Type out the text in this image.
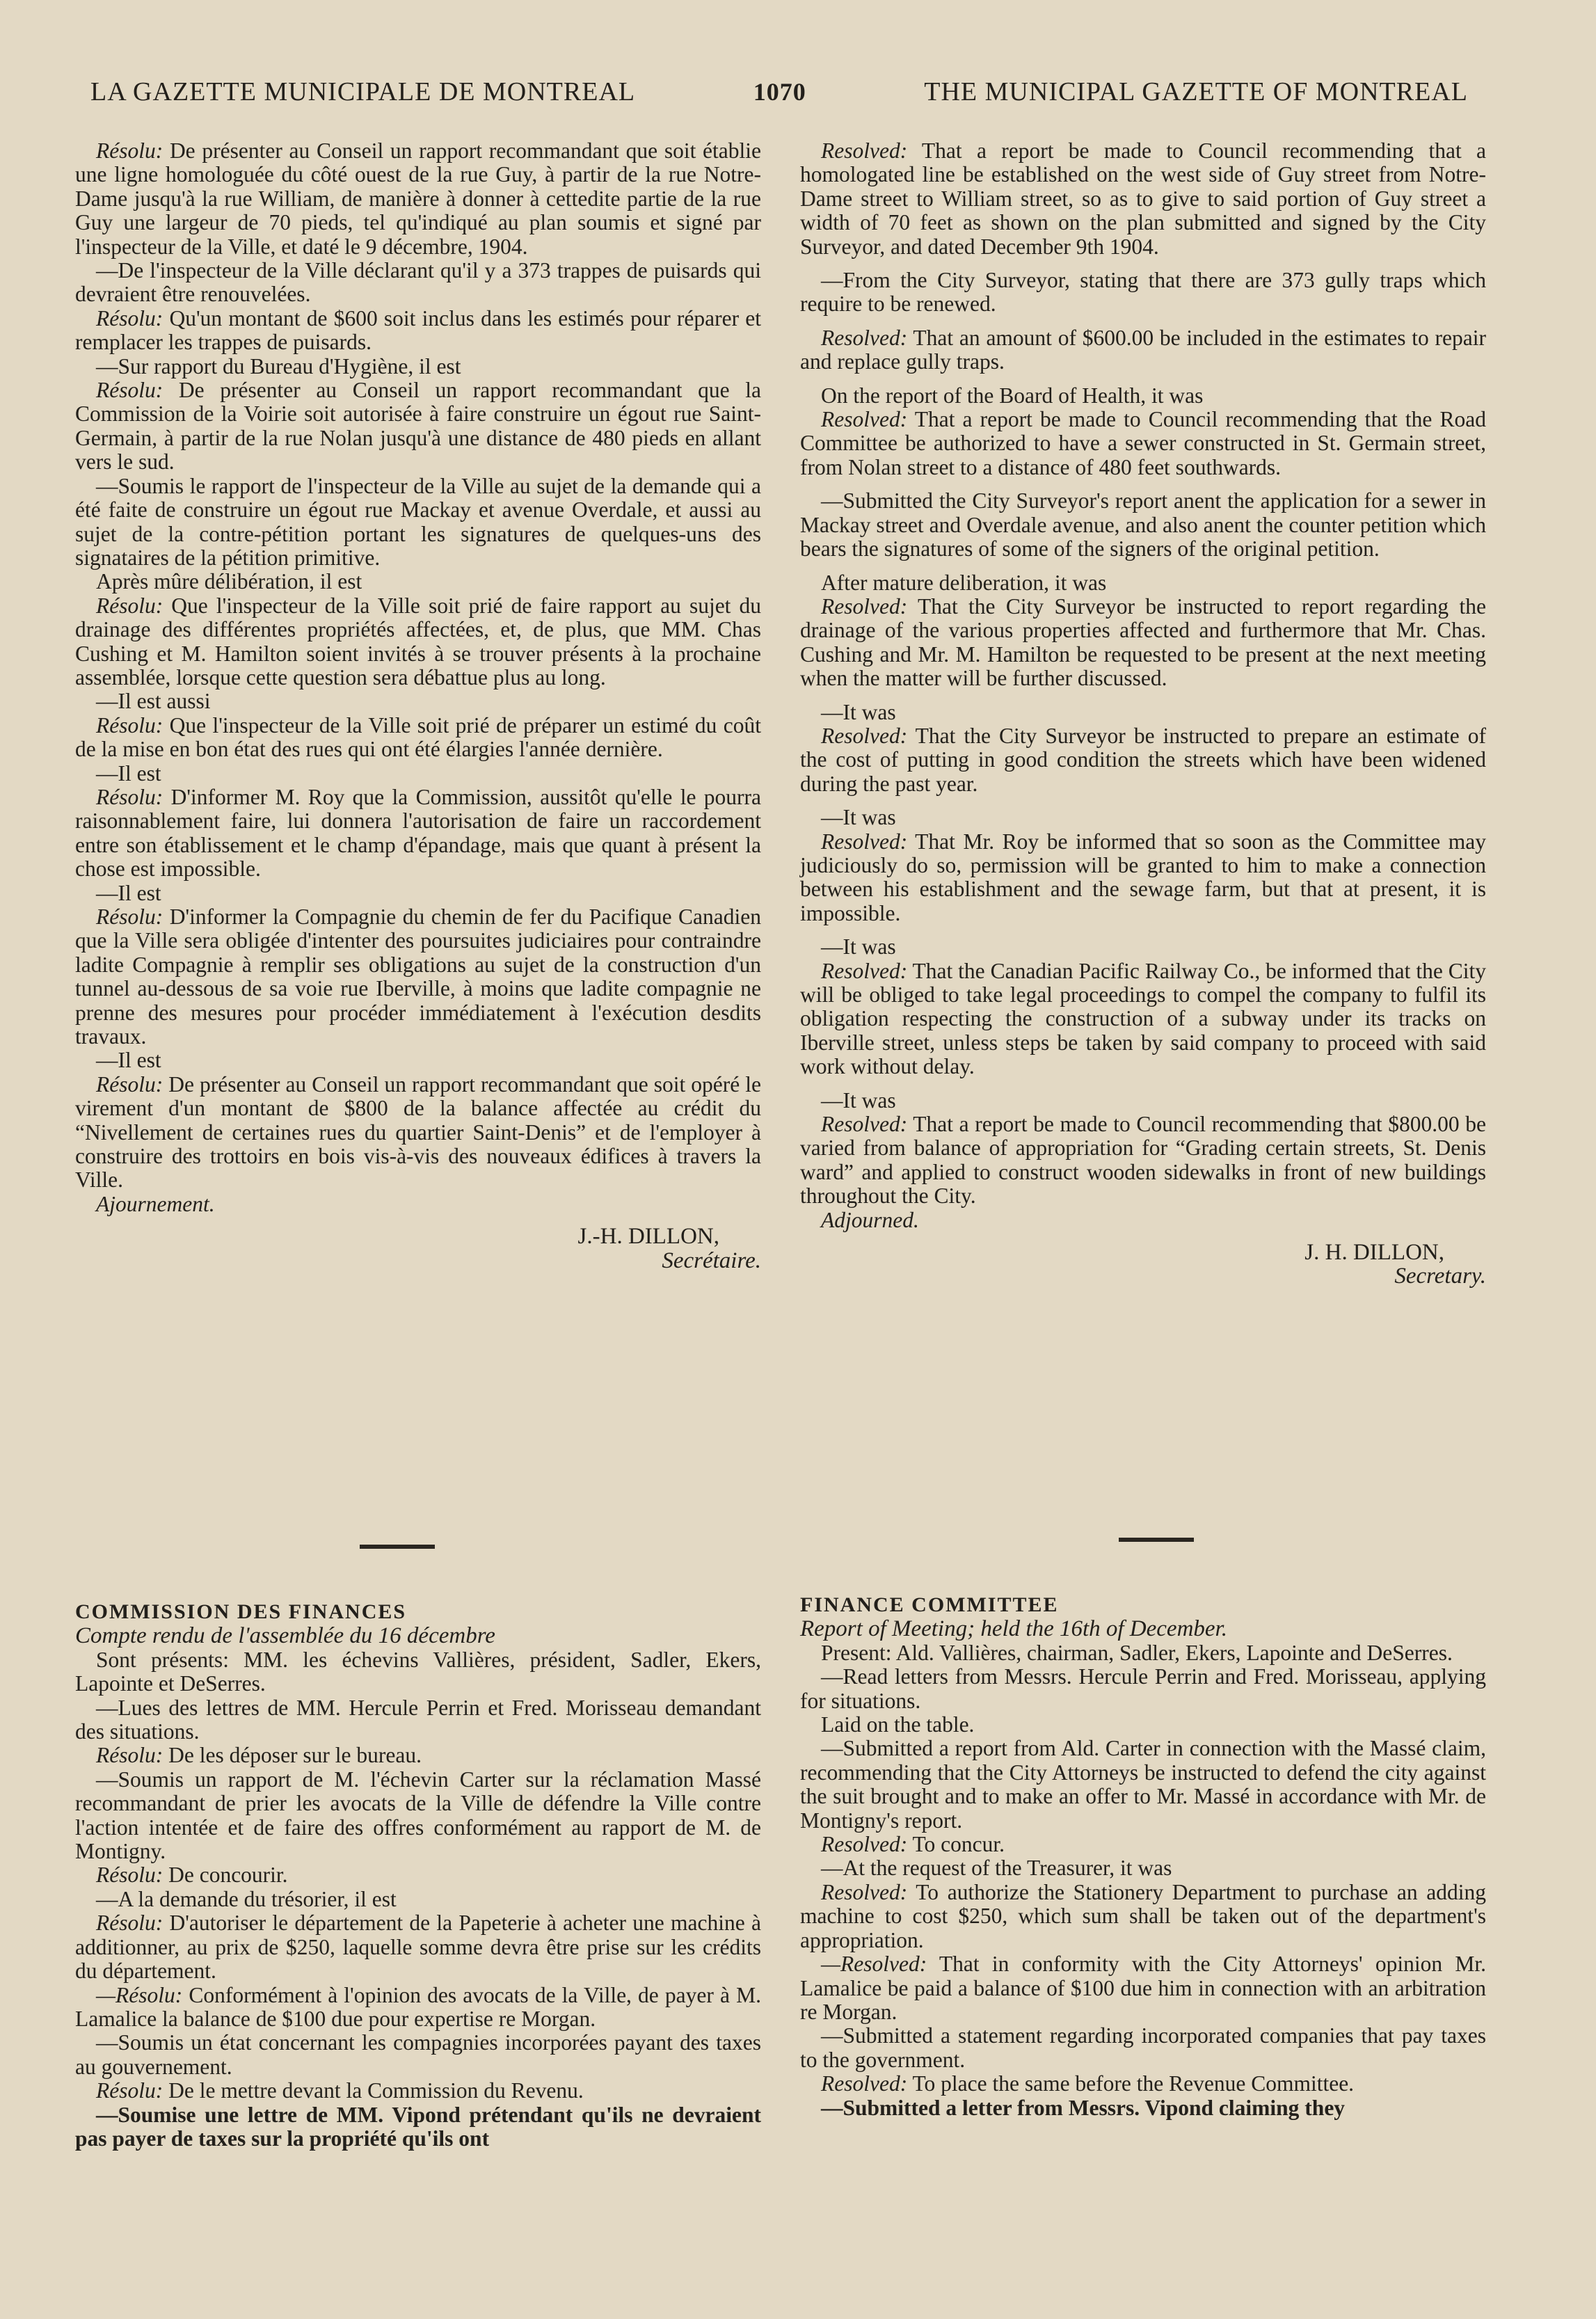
LA GAZETTE MUNICIPALE DE MONTREAL	1070	THE MUNICIPAL GAZETTE OF MONTREAL

Résolu: De présenter au Conseil un rapport recommandant que soit établie une ligne homologuée du côté ouest de la rue Guy, à partir de la rue Notre-Dame jusqu'à la rue William, de manière à donner à cettedite partie de la rue Guy une largeur de 70 pieds, tel qu'indiqué au plan soumis et signé par l'inspecteur de la Ville, et daté le 9 décembre, 1904.

—De l'inspecteur de la Ville déclarant qu'il y a 373 trappes de puisards qui devraient être renouvelées.

Résolu: Qu'un montant de $600 soit inclus dans les estimés pour réparer et remplacer les trappes de puisards.

—Sur rapport du Bureau d'Hygiène, il est

Résolu: De présenter au Conseil un rapport recommandant que la Commission de la Voirie soit autorisée à faire construire un égout rue Saint-Germain, à partir de la rue Nolan jusqu'à une distance de 480 pieds en allant vers le sud.

—Soumis le rapport de l'inspecteur de la Ville au sujet de la demande qui a été faite de construire un égout rue Mackay et avenue Overdale, et aussi au sujet de la contre-pétition portant les signatures de quelques-uns des signataires de la pétition primitive.

Après mûre délibération, il est

Résolu: Que l'inspecteur de la Ville soit prié de faire rapport au sujet du drainage des différentes propriétés affectées, et, de plus, que MM. Chas Cushing et M. Hamilton soient invités à se trouver présents à la prochaine assemblée, lorsque cette question sera débattue plus au long.

—Il est aussi

Résolu: Que l'inspecteur de la Ville soit prié de préparer un estimé du coût de la mise en bon état des rues qui ont été élargies l'année dernière.

—Il est

Résolu: D'informer M. Roy que la Commission, aussitôt qu'elle le pourra raisonnablement faire, lui donnera l'autorisation de faire un raccordement entre son établissement et le champ d'épandage, mais que quant à présent la chose est impossible.

—Il est

Résolu: D'informer la Compagnie du chemin de fer du Pacifique Canadien que la Ville sera obligée d'intenter des poursuites judiciaires pour contraindre ladite Compagnie à remplir ses obligations au sujet de la construction d'un tunnel au-dessous de sa voie rue Iberville, à moins que ladite compagnie ne prenne des mesures pour procéder immédiatement à l'exécution desdits travaux.

—Il est

Résolu: De présenter au Conseil un rapport recommandant que soit opéré le virement d'un montant de $800 de la balance affectée au crédit du “Nivellement de certaines rues du quartier Saint-Denis” et de l'employer à construire des trottoirs en bois vis-à-vis des nouveaux édifices à travers la Ville.

Ajournement.

J.-H. DILLON,
Secrétaire.

Resolved: That a report be made to Council recommending that a homologated line be established on the west side of Guy street from Notre-Dame street to William street, so as to give to said portion of Guy street a width of 70 feet as shown on the plan submitted and signed by the City Surveyor, and dated December 9th 1904.

—From the City Surveyor, stating that there are 373 gully traps which require to be renewed.

Resolved: That an amount of $600.00 be included in the estimates to repair and replace gully traps.

On the report of the Board of Health, it was

Resolved: That a report be made to Council recommending that the Road Committee be authorized to have a sewer constructed in St. Germain street, from Nolan street to a distance of 480 feet southwards.

—Submitted the City Surveyor's report anent the application for a sewer in Mackay street and Overdale avenue, and also anent the counter petition which bears the signatures of some of the signers of the original petition.

After mature deliberation, it was

Resolved: That the City Surveyor be instructed to report regarding the drainage of the various properties affected and furthermore that Mr. Chas. Cushing and Mr. M. Hamilton be requested to be present at the next meeting when the matter will be further discussed.

—It was

Resolved: That the City Surveyor be instructed to prepare an estimate of the cost of putting in good condition the streets which have been widened during the past year.

—It was

Resolved: That Mr. Roy be informed that so soon as the Committee may judiciously do so, permission will be granted to him to make a connection between his establishment and the sewage farm, but that at present, it is impossible.

—It was

Resolved: That the Canadian Pacific Railway Co., be informed that the City will be obliged to take legal proceedings to compel the company to fulfil its obligation respecting the construction of a subway under its tracks on Iberville street, unless steps be taken by said company to proceed with said work without delay.

—It was

Resolved: That a report be made to Council recommending that $800.00 be varied from balance of appropriation for “Grading certain streets, St. Denis ward” and applied to construct wooden sidewalks in front of new buildings throughout the City.

Adjourned.

J. H. DILLON,
Secretary.

COMMISSION DES FINANCES

Compte rendu de l'assemblée du 16 décembre

Sont présents: MM. les échevins Vallières, président, Sadler, Ekers, Lapointe et DeSerres.

—Lues des lettres de MM. Hercule Perrin et Fred. Morisseau demandant des situations.

Résolu: De les déposer sur le bureau.

—Soumis un rapport de M. l'échevin Carter sur la réclamation Massé recommandant de prier les avocats de la Ville de défendre la Ville contre l'action intentée et de faire des offres conformément au rapport de M. de Montigny.

Résolu: De concourir.

—A la demande du trésorier, il est

Résolu: D'autoriser le département de la Papeterie à acheter une machine à additionner, au prix de $250, laquelle somme devra être prise sur les crédits du département.

—Résolu: Conformément à l'opinion des avocats de la Ville, de payer à M. Lamalice la balance de $100 due pour expertise re Morgan.

—Soumis un état concernant les compagnies incorporées payant des taxes au gouvernement.

Résolu: De le mettre devant la Commission du Revenu.

—Soumise une lettre de MM. Vipond prétendant qu'ils ne devraient pas payer de taxes sur la propriété qu'ils ont

FINANCE COMMITTEE

Report of Meeting; held the 16th of December.

Present: Ald. Vallières, chairman, Sadler, Ekers, Lapointe and DeSerres.

—Read letters from Messrs. Hercule Perrin and Fred. Morisseau, applying for situations.

Laid on the table.

—Submitted a report from Ald. Carter in connection with the Massé claim, recommending that the City Attorneys be instructed to defend the city against the suit brought and to make an offer to Mr. Massé in accordance with Mr. de Montigny's report.

Resolved: To concur.

—At the request of the Treasurer, it was

Resolved: To authorize the Stationery Department to purchase an adding machine to cost $250, which sum shall be taken out of the department's appropriation.

—Resolved: That in conformity with the City Attorneys' opinion Mr. Lamalice be paid a balance of $100 due him in connection with an arbitration re Morgan.

—Submitted a statement regarding incorporated companies that pay taxes to the government.

Resolved: To place the same before the Revenue Committee.

—Submitted a letter from Messrs. Vipond claiming they
